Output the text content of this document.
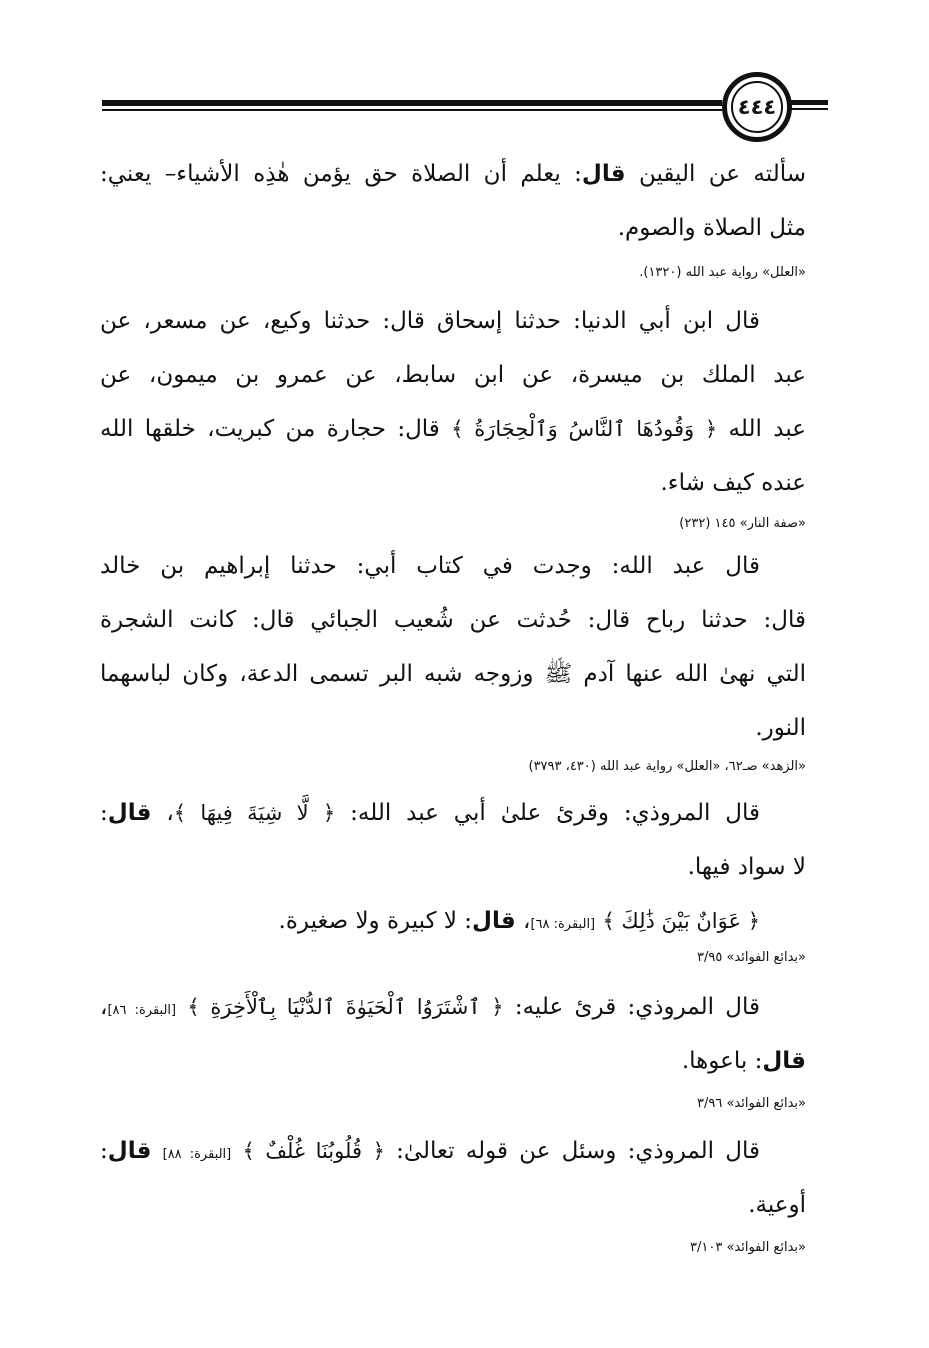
٤٤٤
سألته عن اليقين قال: يعلم أن الصلاة حق يؤمن هٰذِه الأشياء– يعني:
مثل الصلاة والصوم.

«العلل» رواية عبد الله (١٣٢٠).

قال ابن أبي الدنيا: حدثنا إسحاق قال: حدثنا وكيع، عن مسعر، عن
عبد الملك بن ميسرة، عن ابن سابط، عن عمرو بن ميمون، عن
عبد الله ﴿ وَقُودُهَا ٱلنَّاسُ وَٱلْحِجَارَةُ ﴾ قال: حجارة من كبريت، خلقها الله
عنده كيف شاء.

«صفة النار» ١٤٥ (٢٣٢)

قال عبد الله: وجدت في كتاب أبي: حدثنا إبراهيم بن خالد
قال: حدثنا رباح قال: حُدثت عن شُعيب الجبائي قال: كانت الشجرة
التي نهىٰ الله عنها آدم ﷺ وزوجه شبه البر تسمى الدعة، وكان لباسهما
النور.

«الزهد» صـ٦٢، «العلل» رواية عبد الله (٤٣٠، ٣٧٩٣)

قال المروذي: وقرئ علىٰ أبي عبد الله: ﴿ لَّا شِيَةَ فِيهَا ﴾، قال:
لا سواد فيها.
﴿ عَوَانٌ بَيْنَ ذَٰلِكَ ﴾ [البقرة: ٦٨]، قال: لا كبيرة ولا صغيرة.

«بدائع الفوائد» ٣/٩٥

قال المروذي: قرئ عليه: ﴿ ٱشْتَرَوُا ٱلْحَيَوٰةَ ٱلدُّنْيَا بِٱلْأَخِرَةِ ﴾ [البقرة: ٨٦]،
قال: باعوها.

«بدائع الفوائد» ٣/٩٦

قال المروذي: وسئل عن قوله تعالىٰ: ﴿ قُلُوبُنَا غُلْفٌ ﴾ [البقرة: ٨٨] قال:
أوعية.

«بدائع الفوائد» ٣/١٠٣
